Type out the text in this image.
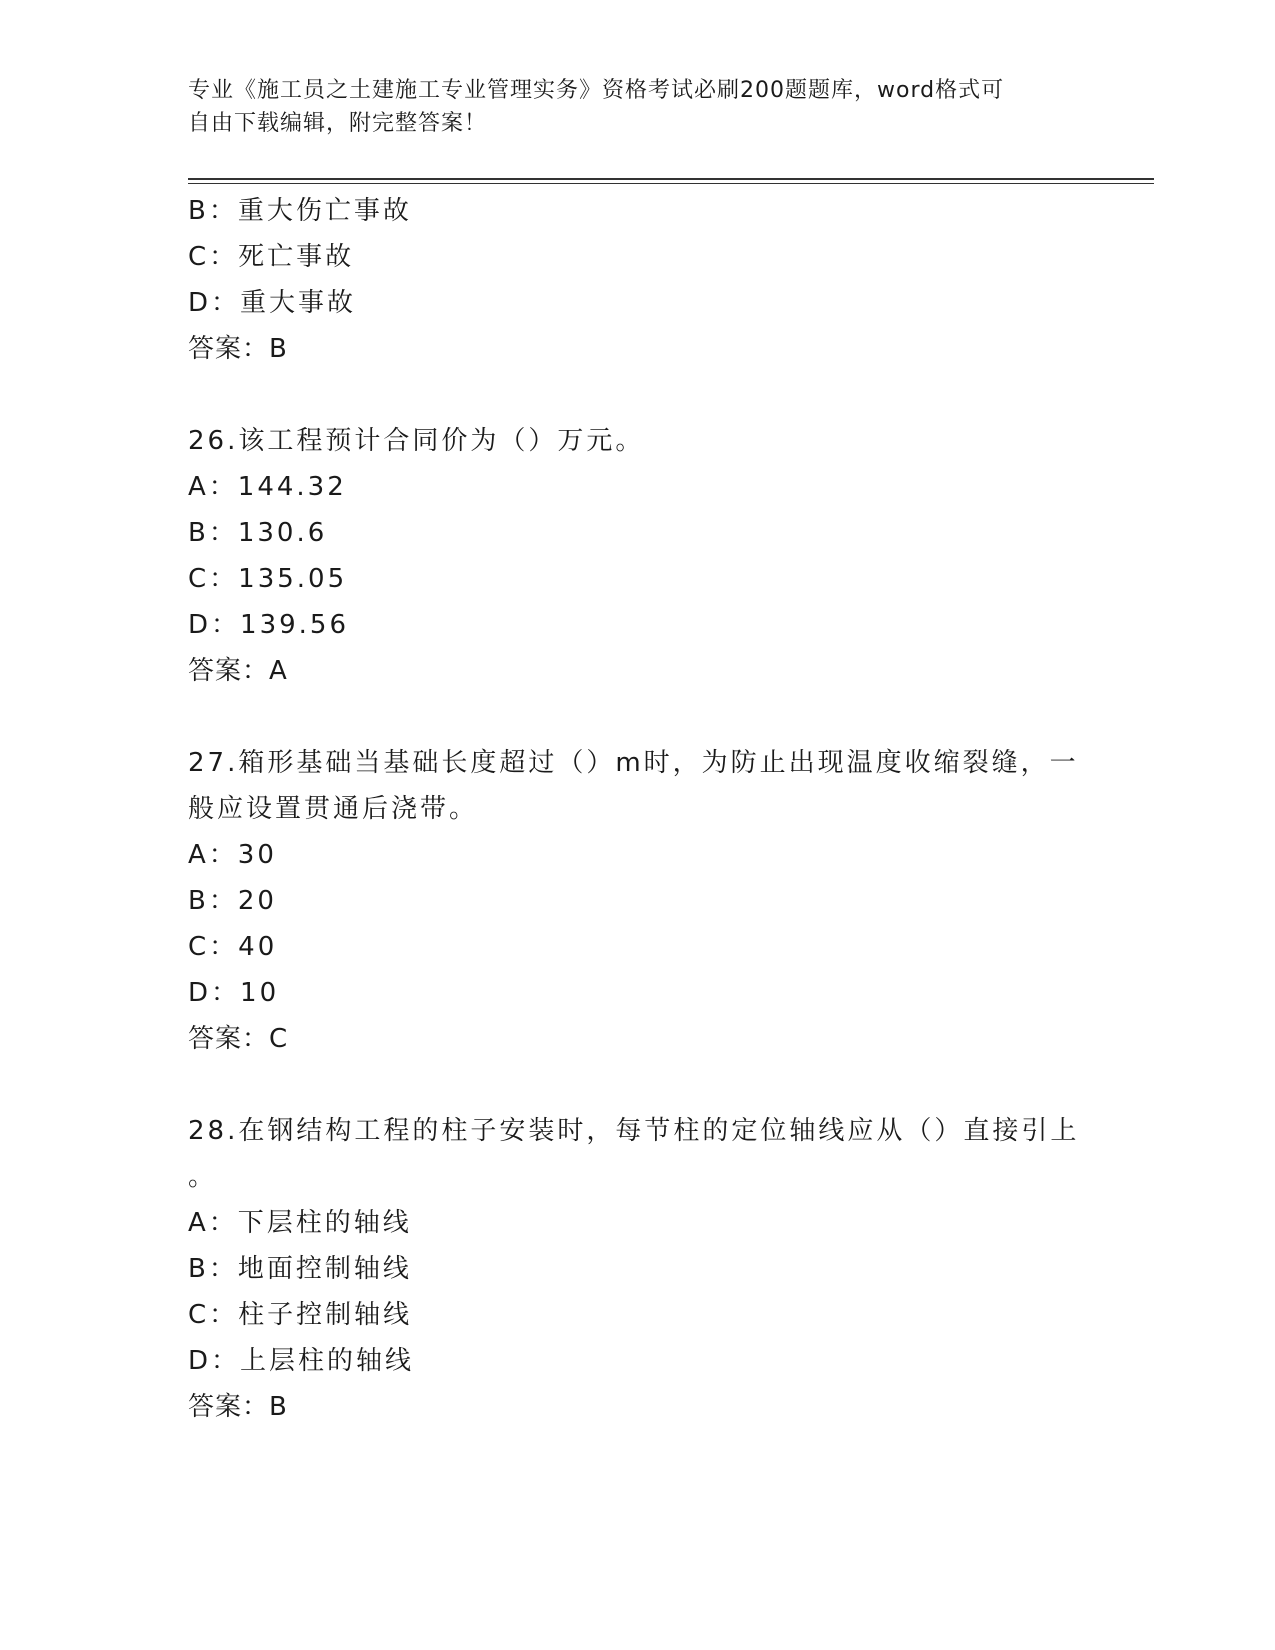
专业《施工员之土建施工专业管理实务》资格考试必刷200题题库，word格式可
自由下载编辑，附完整答案！
B：重大伤亡事故
C：死亡事故
D：重大事故
答案：B
26.该工程预计合同价为（）万元。
A：144.32
B：130.6
C：135.05
D：139.56
答案：A
27.箱形基础当基础长度超过（）m时，为防止出现温度收缩裂缝，一
般应设置贯通后浇带。
A：30
B：20
C：40
D：10
答案：C
28.在钢结构工程的柱子安装时，每节柱的定位轴线应从（）直接引上
。
A：下层柱的轴线
B：地面控制轴线
C：柱子控制轴线
D：上层柱的轴线
答案：B
